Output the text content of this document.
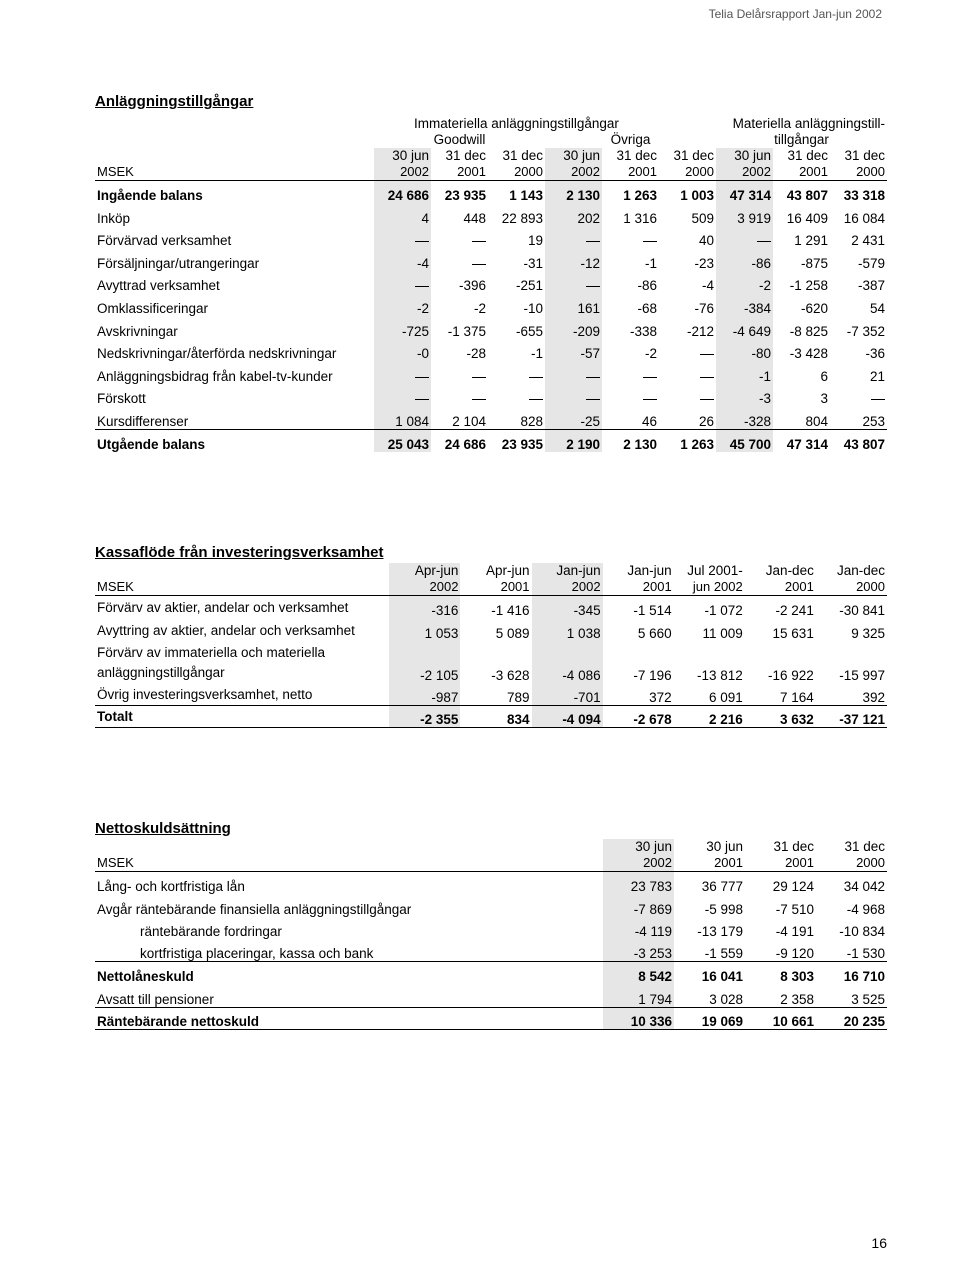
Telia Delårsrapport Jan-jun 2002
Anläggningstillgångar
	Immateriella anläggningstillgångar						Materiella anläggningstill-		
	Goodwill			Övriga			tillgångar		
	30 jun	31 dec	31 dec	30 jun	31 dec	31 dec	30 jun	31 dec	31 dec
MSEK	2002	2001	2000	2002	2001	2000	2002	2001	2000
Ingående balans	24 686	23 935	1 143	2 130	1 263	1 003	47 314	43 807	33 318
Inköp	4	448	22 893	202	1 316	509	3 919	16 409	16 084
Förvärvad verksamhet			19			40		1 291	2 431
Försäljningar/utrangeringar	-4		-31	-12	-1	-23	-86	-875	-579
Avyttrad verksamhet		-396	-251		-86	-4	-2	-1 258	-387
Omklassificeringar	-2	-2	-10	161	-68	-76	-384	-620	54
Avskrivningar	-725	-1 375	-655	-209	-338	-212	-4 649	-8 825	-7 352
Nedskrivningar/återförda nedskrivningar	-0	-28	-1	-57	-2		-80	-3 428	-36
Anläggningsbidrag från kabel-tv-kunder							-1	6	21
Förskott							-3	3	
Kursdifferenser	1 084	2 104	828	-25	46	26	-328	804	253
Utgående balans	25 043	24 686	23 935	2 190	2 130	1 263	45 700	47 314	43 807
Kassaflöde från investeringsverksamhet
	Apr-jun	Apr-jun	Jan-jun	Jan-jun	Jul 2001-	Jan-dec	Jan-dec
MSEK	2002	2001	2002	2001	jun 2002	2001	2000
Förvärv av aktier, andelar och verksamhet	-316	-1 416	-345	-1 514	-1 072	-2 241	-30 841
Avyttring av aktier, andelar och verksamhet	1 053	5 089	1 038	5 660	11 009	15 631	9 325
Förvärv av immateriella och materiella
anläggningstillgångar	-2 105	-3 628	-4 086	-7 196	-13 812	-16 922	-15 997
Övrig investeringsverksamhet, netto	-987	789	-701	372	6 091	7 164	392
Totalt	-2 355	834	-4 094	-2 678	2 216	3 632	-37 121
Nettoskuldsättning
	30 jun	30 jun	31 dec	31 dec
MSEK	2002	2001	2001	2000
Lång- och kortfristiga lån	23 783	36 777	29 124	34 042
Avgår räntebärande finansiella anläggningstillgångar	-7 869	-5 998	-7 510	-4 968
räntebärande fordringar	-4 119	-13 179	-4 191	-10 834
kortfristiga placeringar, kassa och bank	-3 253	-1 559	-9 120	-1 530
Nettolåneskuld	8 542	16 041	8 303	16 710
Avsatt till pensioner	1 794	3 028	2 358	3 525
Räntebärande nettoskuld	10 336	19 069	10 661	20 235
16
